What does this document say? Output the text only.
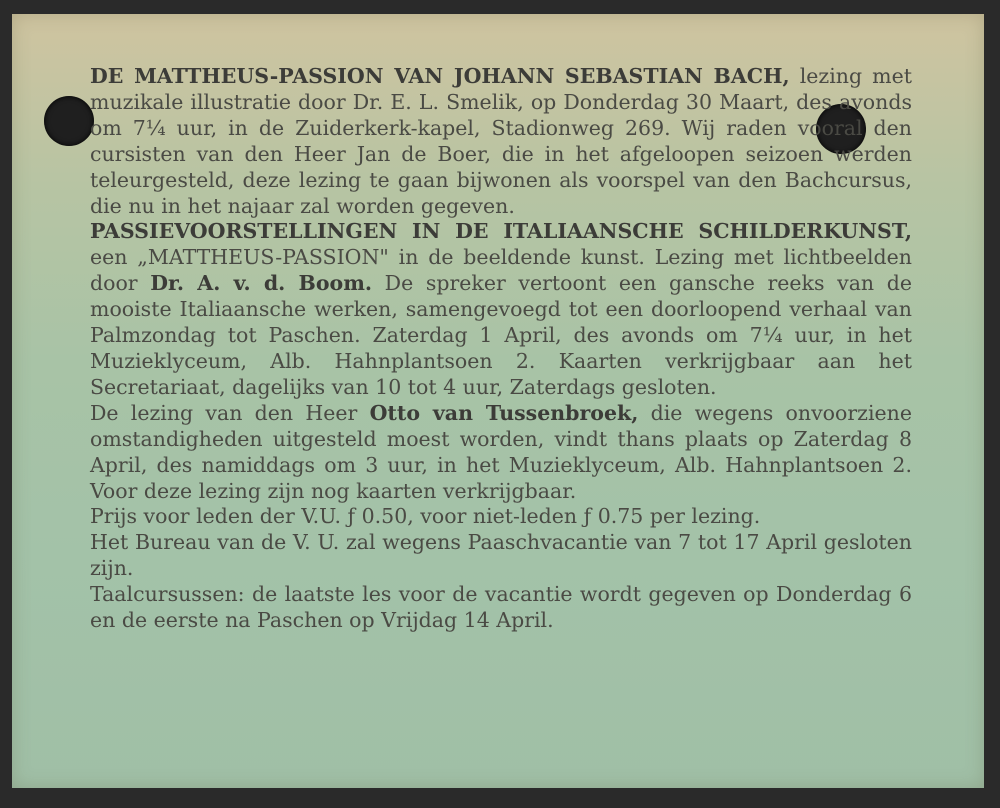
DE MATTHEUS-PASSION VAN JOHANN SEBASTIAN BACH, lezing met muzikale illustratie door Dr. E. L. Smelik, op Donderdag 30 Maart, des avonds om 7¼ uur, in de Zuiderkerk-kapel, Stadionweg 269. Wij raden vooral den cursisten van den Heer Jan de Boer, die in het afgeloopen seizoen werden teleurgesteld, deze lezing te gaan bijwonen als voorspel van den Bachcursus, die nu in het najaar zal worden gegeven.

PASSIEVOORSTELLINGEN IN DE ITALIAANSCHE SCHILDERKUNST, een „MATTHEUS-PASSION" in de beeldende kunst. Lezing met lichtbeelden door Dr. A. v. d. Boom. De spreker vertoont een gansche reeks van de mooiste Italiaansche werken, samengevoegd tot een doorloopend verhaal van Palmzondag tot Paschen. Zaterdag 1 April, des avonds om 7¼ uur, in het Muzieklyceum, Alb. Hahnplantsoen 2. Kaarten verkrijgbaar aan het Secretariaat, dagelijks van 10 tot 4 uur, Zaterdags gesloten.

De lezing van den Heer Otto van Tussenbroek, die wegens onvoorziene omstandigheden uitgesteld moest worden, vindt thans plaats op Zaterdag 8 April, des namiddags om 3 uur, in het Muzieklyceum, Alb. Hahnplantsoen 2. Voor deze lezing zijn nog kaarten verkrijgbaar.

Prijs voor leden der V.U. ƒ 0.50, voor niet-leden ƒ 0.75 per lezing.

Het Bureau van de V. U. zal wegens Paaschvacantie van 7 tot 17 April gesloten zijn.

Taalcursussen: de laatste les voor de vacantie wordt gegeven op Donderdag 6 en de eerste na Paschen op Vrijdag 14 April.
